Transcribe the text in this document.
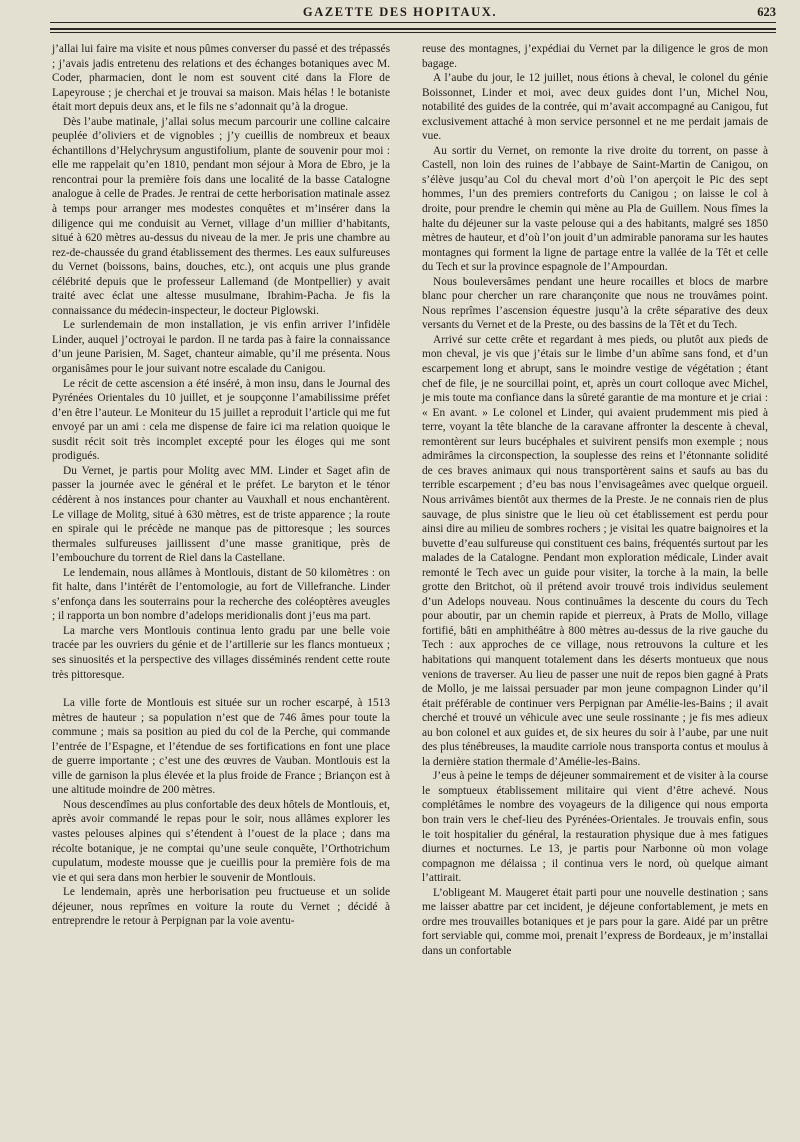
GAZETTE DES HOPITAUX.	623

j’allai lui faire ma visite et nous pûmes converser du passé et des trépassés ; j’avais jadis entretenu des relations et des échanges botaniques avec M. Coder, pharmacien, dont le nom est souvent cité dans la Flore de Lapeyrouse ; je cherchai et je trouvai sa maison. Mais hélas ! le botaniste était mort depuis deux ans, et le fils ne s’adonnait qu’à la drogue.

Dès l’aube matinale, j’allai solus mecum parcourir une colline calcaire peuplée d’oliviers et de vignobles ; j’y cueillis de nombreux et beaux échantillons d’Helychrysum angustifolium, plante de souvenir pour moi : elle me rappelait qu’en 1810, pendant mon séjour à Mora de Ebro, je la rencontrai pour la première fois dans une localité de la basse Catalogne analogue à celle de Prades. Je rentrai de cette herborisation matinale assez à temps pour arranger mes modestes conquêtes et m’insérer dans la diligence qui me conduisit au Vernet, village d’un millier d’habitants, situé à 620 mètres au-dessus du niveau de la mer. Je pris une chambre au rez-de-chaussée du grand établissement des thermes. Les eaux sulfureuses du Vernet (boissons, bains, douches, etc.), ont acquis une plus grande célébrité depuis que le professeur Lallemand (de Montpellier) y avait traité avec éclat une altesse musulmane, Ibrahim-Pacha. Je fis la connaissance du médecin-inspecteur, le docteur Piglowski.

Le surlendemain de mon installation, je vis enfin arriver l’infidèle Linder, auquel j’octroyai le pardon. Il ne tarda pas à faire la connaissance d’un jeune Parisien, M. Saget, chanteur aimable, qu’il me présenta. Nous organisâmes pour le jour suivant notre escalade du Canigou.

Le récit de cette ascension a été inséré, à mon insu, dans le Journal des Pyrénées Orientales du 10 juillet, et je soupçonne l’amabilissime préfet d’en être l’auteur. Le Moniteur du 15 juillet a reproduit l’article qui me fut envoyé par un ami : cela me dispense de faire ici ma relation quoique le susdit récit soit très incomplet excepté pour les éloges qui me sont prodigués.

Du Vernet, je partis pour Molitg avec MM. Linder et Saget afin de passer la journée avec le général et le préfet. Le baryton et le ténor cédèrent à nos instances pour chanter au Vauxhall et nous enchantèrent. Le village de Molitg, situé à 630 mètres, est de triste apparence ; la route en spirale qui le précède ne manque pas de pittoresque ; les sources thermales sulfureuses jaillissent d’une masse granitique, près de l’embouchure du torrent de Riel dans la Castellane.

Le lendemain, nous allâmes à Montlouis, distant de 50 kilomètres : on fit halte, dans l’intérêt de l’entomologie, au fort de Villefranche. Linder s’enfonça dans les souterrains pour la recherche des coléoptères aveugles ; il rapporta un bon nombre d’adelops meridionalis dont j’eus ma part.

La marche vers Montlouis continua lento gradu par une belle voie tracée par les ouvriers du génie et de l’artillerie sur les flancs montueux ; ses sinuosités et la perspective des villages disséminés rendent cette route très pittoresque.

La ville forte de Montlouis est située sur un rocher escarpé, à 1513 mètres de hauteur ; sa population n’est que de 746 âmes pour toute la commune ; mais sa position au pied du col de la Perche, qui commande l’entrée de l’Espagne, et l’étendue de ses fortifications en font une place de guerre importante ; c’est une des œuvres de Vauban. Montlouis est la ville de garnison la plus élevée et la plus froide de France ; Briançon est à une altitude moindre de 200 mètres.

Nous descendîmes au plus confortable des deux hôtels de Montlouis, et, après avoir commandé le repas pour le soir, nous allâmes explorer les vastes pelouses alpines qui s’étendent à l’ouest de la place ; dans ma récolte botanique, je ne comptai qu’une seule conquête, l’Orthotrichum cupulatum, modeste mousse que je cueillis pour la première fois de ma vie et qui sera dans mon herbier le souvenir de Montlouis.

Le lendemain, après une herborisation peu fructueuse et un solide déjeuner, nous reprîmes en voiture la route du Vernet ; décidé à entreprendre le retour à Perpignan par la voie aventu-

reuse des montagnes, j’expédiai du Vernet par la diligence le gros de mon bagage.

A l’aube du jour, le 12 juillet, nous étions à cheval, le colonel du génie Boissonnet, Linder et moi, avec deux guides dont l’un, Michel Nou, notabilité des guides de la contrée, qui m’avait accompagné au Canigou, fut exclusivement attaché à mon service personnel et ne me perdait jamais de vue.

Au sortir du Vernet, on remonte la rive droite du torrent, on passe à Castell, non loin des ruines de l’abbaye de Saint-Martin de Canigou, on s’élève jusqu’au Col du cheval mort d’où l’on aperçoit le Pic des sept hommes, l’un des premiers contreforts du Canigou ; on laisse le col à droite, pour prendre le chemin qui mène au Pla de Guillem. Nous fîmes la halte du déjeuner sur la vaste pelouse qui a des habitants, malgré ses 1850 mètres de hauteur, et d’où l’on jouit d’un admirable panorama sur les hautes montagnes qui forment la ligne de partage entre la vallée de la Têt et celle du Tech et sur la province espagnole de l’Ampourdan.

Nous bouleversâmes pendant une heure rocailles et blocs de marbre blanc pour chercher un rare charançonite que nous ne trouvâmes point. Nous reprîmes l’ascension équestre jusqu’à la crête séparative des deux versants du Vernet et de la Preste, ou des bassins de la Têt et du Tech.

Arrivé sur cette crête et regardant à mes pieds, ou plutôt aux pieds de mon cheval, je vis que j’étais sur le limbe d’un abîme sans fond, et d’un escarpement long et abrupt, sans le moindre vestige de végétation ; étant chef de file, je ne sourcillai point, et, après un court colloque avec Michel, je mis toute ma confiance dans la sûreté garantie de ma monture et je criai : « En avant. » Le colonel et Linder, qui avaient prudemment mis pied à terre, voyant la tête blanche de la caravane affronter la descente à cheval, remontèrent sur leurs bucéphales et suivirent pensifs mon exemple ; nous admirâmes la circonspection, la souplesse des reins et l’étonnante solidité de ces braves animaux qui nous transportèrent sains et saufs au bas du terrible escarpement ; d’eu bas nous l’envisageâmes avec quelque orgueil. Nous arrivâmes bientôt aux thermes de la Preste. Je ne connais rien de plus sauvage, de plus sinistre que le lieu où cet établissement est perdu pour ainsi dire au milieu de sombres rochers ; je visitai les quatre baignoires et la buvette d’eau sulfureuse qui constituent ces bains, fréquentés surtout par les malades de la Catalogne. Pendant mon exploration médicale, Linder avait remonté le Tech avec un guide pour visiter, la torche à la main, la belle grotte den Britchot, où il prétend avoir trouvé trois individus seulement d’un Adelops nouveau. Nous continuâmes la descente du cours du Tech pour aboutir, par un chemin rapide et pierreux, à Prats de Mollo, village fortifié, bâti en amphithéâtre à 800 mètres au-dessus de la rive gauche du Tech : aux approches de ce village, nous retrouvons la culture et les habitations qui manquent totalement dans les déserts montueux que nous venions de traverser. Au lieu de passer une nuit de repos bien gagné à Prats de Mollo, je me laissai persuader par mon jeune compagnon Linder qu’il était préférable de continuer vers Perpignan par Amélie-les-Bains ; il avait cherché et trouvé un véhicule avec une seule rossinante ; je fis mes adieux au bon colonel et aux guides et, de six heures du soir à l’aube, par une nuit des plus ténébreuses, la maudite carriole nous transporta contus et moulus à la dernière station thermale d’Amélie-les-Bains.

J’eus à peine le temps de déjeuner sommairement et de visiter à la course le somptueux établissement militaire qui vient d’être achevé. Nous complétâmes le nombre des voyageurs de la diligence qui nous emporta bon train vers le chef-lieu des Pyrénées-Orientales. Je trouvais enfin, sous le toit hospitalier du général, la restauration physique due à mes fatigues diurnes et nocturnes. Le 13, je partis pour Narbonne où mon volage compagnon me délaissa ; il continua vers le nord, où quelque aimant l’attirait.

L’obligeant M. Maugeret était parti pour une nouvelle destination ; sans me laisser abattre par cet incident, je déjeune confortablement, je mets en ordre mes trouvailles botaniques et je pars pour la gare. Aidé par un prêtre fort serviable qui, comme moi, prenait l’express de Bordeaux, je m’installai dans un confortable
